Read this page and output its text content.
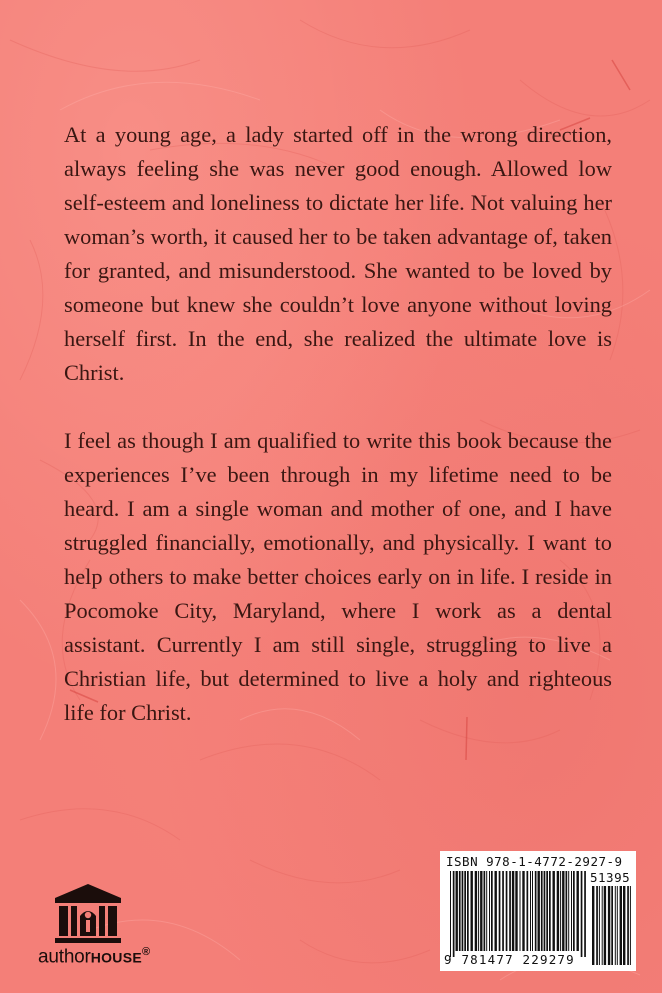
At a young age, a lady started off in the wrong direction, always feeling she was never good enough. Allowed low self-esteem and loneliness to dictate her life. Not valuing her woman’s worth, it caused her to be taken advantage of, taken for granted, and misunderstood. She wanted to be loved by someone but knew she couldn’t love anyone without loving herself first. In the end, she realized the ultimate love is Christ.

I feel as though I am qualified to write this book because the experiences I’ve been through in my lifetime need to be heard. I am a single woman and mother of one, and I have struggled financially, emotionally, and physically. I want to help others to make better choices early on in life. I reside in Pocomoke City, Maryland, where I work as a dental assistant. Currently I am still single, struggling to live a Christian life, but determined to live a holy and righteous life for Christ.

authorHOUSE®
ISBN 978-1-4772-2927-9
51395
9 781477 229279
